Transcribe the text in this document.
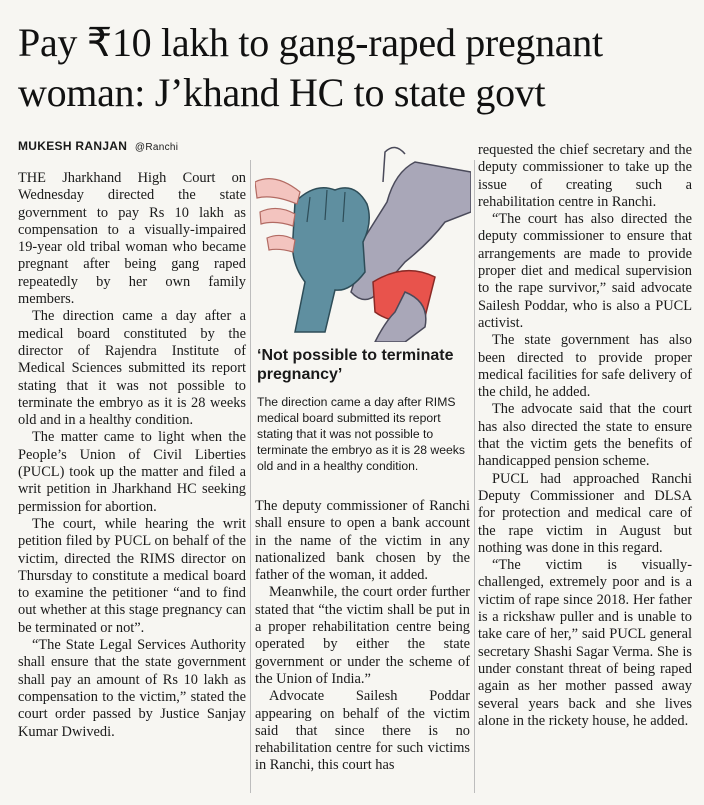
Pay ₹10 lakh to gang-raped pregnant
woman: J’khand HC to state govt
MUKESH RANJAN @Ranchi

THE Jharkhand High Court on Wednesday directed the state government to pay Rs 10 lakh as compensation to a visually-impaired 19-year old tribal woman who became pregnant after being gang raped repeatedly by her own family members.

The direction came a day after a medical board constituted by the director of Rajendra Institute of Medical Sciences submitted its report stating that it was not possible to terminate the embryo as it is 28 weeks old and in a healthy condition.

The matter came to light when the People’s Union of Civil Liberties (PUCL) took up the matter and filed a writ petition in Jharkhand HC seeking permission for abortion.

The court, while hearing the writ petition filed by PUCL on behalf of the victim, directed the RIMS director on Thursday to constitute a medical board to examine the petitioner “and to find out whether at this stage pregnancy can be terminated or not”.

“The State Legal Services Authority shall ensure that the state government shall pay an amount of Rs 10 lakh as compensation to the victim,” stated the court order passed by Justice Sanjay Kumar Dwivedi.

‘Not possible to terminate pregnancy’
The direction came a day after RIMS medical board submitted its report stating that it was not possible to terminate the embryo as it is 28 weeks old and in a healthy condition.

The deputy commissioner of Ranchi shall ensure to open a bank account in the name of the victim in any nationalized bank chosen by the father of the woman, it added.

Meanwhile, the court order further stated that “the victim shall be put in a proper rehabilitation centre being operated by either the state government or under the scheme of the Union of India.”

Advocate Sailesh Poddar appearing on behalf of the victim said that since there is no rehabilitation centre for such victims in Ranchi, this court has

requested the chief secretary and the deputy commissioner to take up the issue of creating such a rehabilitation centre in Ranchi.

“The court has also directed the deputy commissioner to ensure that arrangements are made to provide proper diet and medical supervision to the rape survivor,” said advocate Sailesh Poddar, who is also a PUCL activist.

The state government has also been directed to provide proper medical facilities for safe delivery of the child, he added.

The advocate said that the court has also directed the state to ensure that the victim gets the benefits of handicapped pension scheme.

PUCL had approached Ranchi Deputy Commissioner and DLSA for protection and medical care of the rape victim in August but nothing was done in this regard.

“The victim is visually-challenged, extremely poor and is a victim of rape since 2018. Her father is a rickshaw puller and is unable to take care of her,” said PUCL general secretary Shashi Sagar Verma. She is under constant threat of being raped again as her mother passed away several years back and she lives alone in the rickety house, he added.
